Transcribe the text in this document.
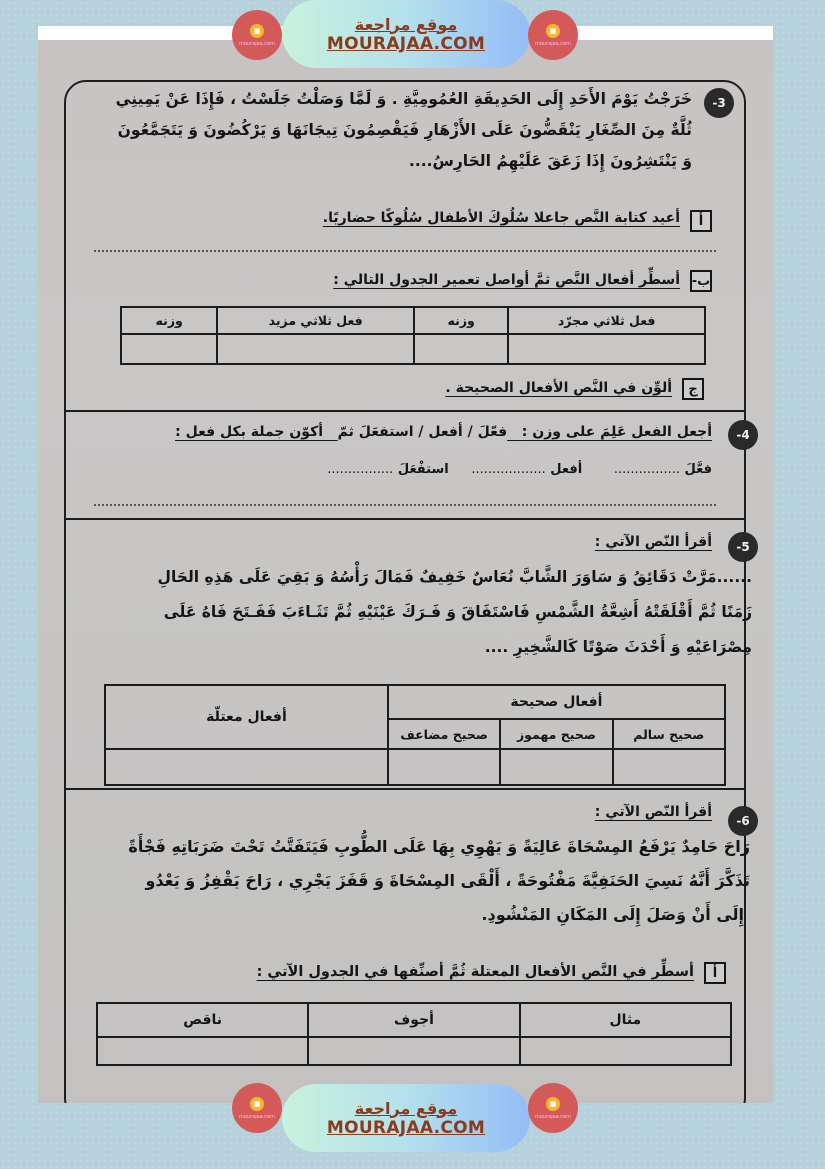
3-
خَرَجْتُ يَوْمَ الأَحَدِ إِلَى الحَدِيقَةِ العُمُومِيَّةِ . وَ لَمَّا وَصَلْتُ جَلَسْتُ ، فَإِذَا عَنْ يَمِينِي
ثُلَّةٌ مِنَ الصِّغَارِ يَنْقَضُّونَ عَلَى الأَزْهَارِ فَيَقْصِمُونَ تِيجَانَهَا وَ يَرْكُضُونَ وَ يَتَجَمَّعُونَ
وَ يَنْتَشِرُونَ إِذَا زَعَقَ عَلَيْهِمُ الحَارِسُ....
أ
أعيد كتابة النَّص جاعلا سُلُوكَ الأطفال سُلُوكًا حضاريًا.
ب-
أسطِّر أفعال النَّص ثمَّ أواصل تعمير الجدول التالي :
فعل ثلاثي مجرّد	وزنه	فعل ثلاثي مزيد	وزنه

ج
ألوِّن في النَّص الأفعال الصحيحة .
4-
أجعل الفعل عَلِمَ على وزن :   فعّلَ / أفعل / استفعَلَ ثمّ   أكوّن جملة بكل فعل :
فعَّلَ ................       أفعل ..................     استفْعَلَ ................
5-
أقرأ النّص الآتي :
......مَرَّتْ دَقَائِقُ وَ سَاوَرَ الشَّابَّ نُعَاسٌ خَفِيفٌ فَمَالَ رَأْسُهُ وَ بَقِيَ عَلَى هَذِهِ الحَالِ
زَمَنًا ثُمَّ أَقْلَقَتْهُ أَشِعَّةُ الشَّمْسِ فَاسْتَفَاقَ وَ فَـرَكَ عَيْنَيْهِ ثُمَّ تَثَـاءَبَ فَفَـتَحَ فَاهُ عَلَى
مِصْرَاعَيْهِ وَ أَحْدَثَ صَوْتًا كَالشَّخِيرِ ....
أفعال صحيحة			أفعال معتلّة
صحيح سالم	صحيح مهموز	صحيح مضاعف	

6-
أقرأ النّص الآتي :
رَاحَ حَامِدٌ يَرْفَعُ المِسْحَاةَ عَالِيَةً وَ يَهْوِي بِهَا عَلَى الطُّوبِ فَيَتَفَتَّتُ تَحْتَ ضَرَبَاتِهِ فَجْأَةً
تَذَكَّرَ أَنَّهُ نَسِيَ الحَنَفِيَّةَ مَفْتُوحَةً ، أَلْقَى المِسْحَاةَ وَ قَفَزَ يَجْرِي ، رَاحَ يَقْفِزُ وَ يَعْدُو
إِلَى أَنْ وَصَلَ إِلَى المَكَانِ المَنْشُودِ.
أ
أسطِّر في النَّص الأفعال المعتلة ثُمَّ أصنِّفها في الجدول الآتي :
مثال	أجوف	ناقص

■
mourajaa.com
موقع مراجعة
MOURAJAA.COM
■
mourajaa.com
■
mourajaa.com	موقع مراجعة
MOURAJAA.COM
■
mourajaa.com
